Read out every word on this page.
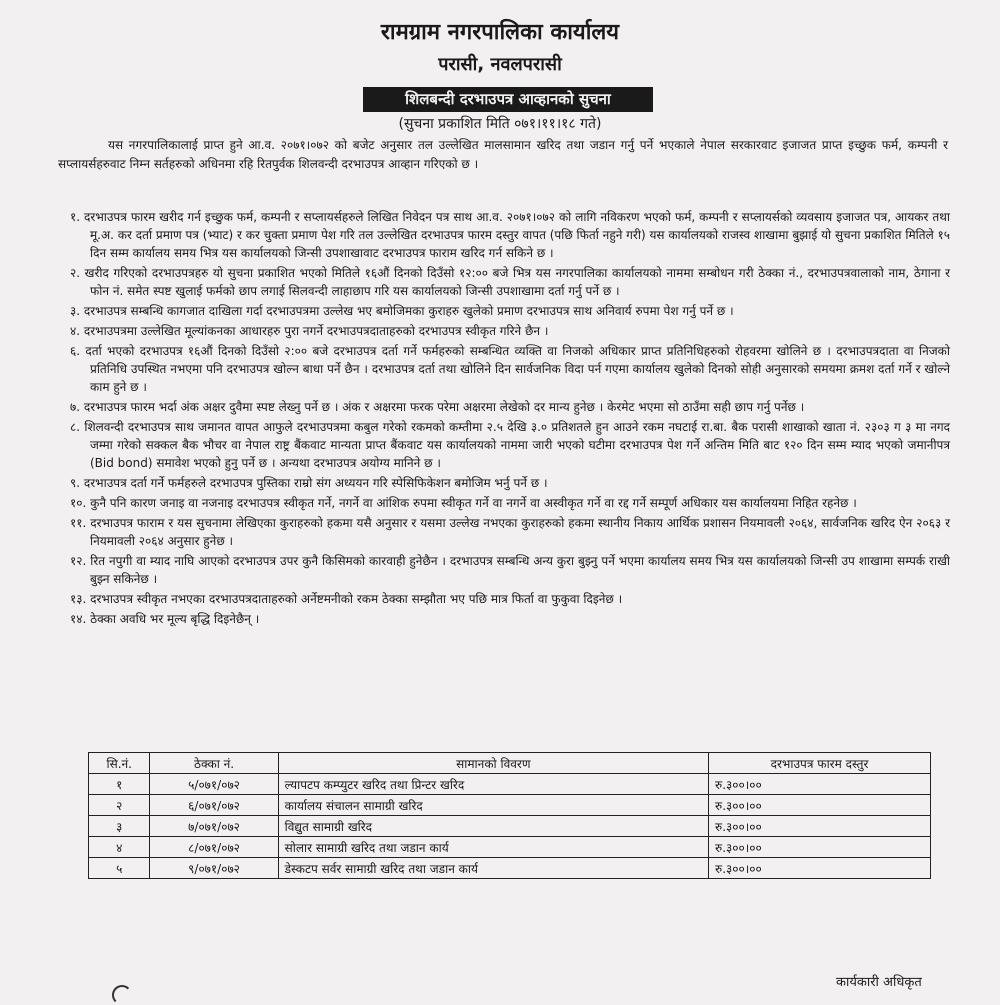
रामग्राम नगरपालिका कार्यालय
परासी, नवलपरासी
शिलबन्दी दरभाउपत्र आव्हानको सुचना
(सुचना प्रकाशित मिति ०७१।११।१८ गते)
यस नगरपालिकालाई प्राप्त हुने आ.व. २०७१।०७२ को बजेट अनुसार तल उल्लेखित मालसामान खरिद तथा जडान गर्नु पर्ने भएकाले नेपाल सरकारवाट इजाजत प्राप्त इच्छुक फर्म, कम्पनी र सप्लायर्सहरुवाट निम्न सर्तहरुको अधिनमा रहि रितपुर्वक शिलवन्दी दरभाउपत्र आव्हान गरिएको छ ।
१. दरभाउपत्र फारम खरीद गर्न इच्छुक फर्म, कम्पनी र सप्लायर्सहरुले लिखित निवेदन पत्र साथ आ.व. २०७१।०७२ को लागि नविकरण भएको फर्म, कम्पनी र सप्लायर्सको व्यवसाय इजाजत पत्र, आयकर तथा मू.अ. कर दर्ता प्रमाण पत्र (भ्याट) र कर चुक्ता प्रमाण पेश गरि तल उल्लेखित दरभाउपत्र फारम दस्तुर वापत (पछि फिर्ता नहुने गरी) यस कार्यालयको राजस्व शाखामा बुझाई यो सुचना प्रकाशित मितिले १५ दिन सम्म कार्यालय समय भित्र यस कार्यालयको जिन्सी उपशाखावाट दरभाउपत्र फाराम खरिद गर्न सकिने छ ।
२. खरीद गरिएको दरभाउपत्रहरु यो सुचना प्रकाशित भएको मितिले १६औं दिनको दिउँसो १२:०० बजे भित्र यस नगरपालिका कार्यालयको नाममा सम्बोधन गरी ठेक्का नं., दरभाउपत्रवालाको नाम, ठेगाना र फोन नं. समेत स्पष्ट खुलाई फर्मको छाप लगाई सिलवन्दी लाहाछाप गरि यस कार्यालयको जिन्सी उपशाखामा दर्ता गर्नु पर्ने छ ।
३. दरभाउपत्र सम्बन्धि कागजात दाखिला गर्दा दरभाउपत्रमा उल्लेख भए बमोजिमका कुराहरु खुलेको प्रमाण दरभाउपत्र साथ अनिवार्य रुपमा पेश गर्नु पर्ने छ ।
४. दरभाउपत्रमा उल्लेखित मूल्यांकनका आधारहरु पुरा नगर्ने दरभाउपत्रदाताहरुको दरभाउपत्र स्वीकृत गरिने छैन ।
६. दर्ता भएको दरभाउपत्र १६औं दिनको दिउँसो २:०० बजे दरभाउपत्र दर्ता गर्ने फर्महरुको सम्बन्धित व्यक्ति वा निजको अधिकार प्राप्त प्रतिनिधिहरुको रोहवरमा खोलिने छ । दरभाउपत्रदाता वा निजको प्रतिनिधि उपस्थित नभएमा पनि दरभाउपत्र खोल्न बाधा पर्ने छैन । दरभाउपत्र दर्ता तथा खोलिने दिन सार्वजनिक विदा पर्न गएमा कार्यालय खुलेको दिनको सोही अनुसारको समयमा क्रमश दर्ता गर्ने र खोल्ने काम हुने छ ।
७. दरभाउपत्र फारम भर्दा अंक अक्षर दुवैमा स्पष्ट लेख्नु पर्ने छ । अंक र अक्षरमा फरक परेमा अक्षरमा लेखेको दर मान्य हुनेछ । केरमेट भएमा सो ठाउँमा सही छाप गर्नु पर्नेछ ।
८. शिलवन्दी दरभाउपत्र साथ जमानत वापत आफुले दरभाउपत्रमा कबुल गरेको रकमको कम्तीमा २.५ देखि ३.० प्रतिशतले हुन आउने रकम नघटाई रा.बा. बैक परासी शाखाको खाता नं. २३०३ ग ३ मा नगद जम्मा गरेको सक्कल बैक भौचर वा नेपाल राष्ट्र बैंकवाट मान्यता प्राप्त बैंकवाट यस कार्यालयको नाममा जारी भएको घटीमा दरभाउपत्र पेश गर्ने अन्तिम मिति बाट १२० दिन सम्म म्याद भएको जमानीपत्र (Bid bond) समावेश भएको हुनु पर्ने छ । अन्यथा दरभाउपत्र अयोग्य मानिने छ ।
९. दरभाउपत्र दर्ता गर्ने फर्महरुले दरभाउपत्र पुस्तिका राम्रो संग अध्ययन गरि स्पेसिफिकेशन बमोजिम भर्नु पर्ने छ ।
१०. कुनै पनि कारण जनाइ वा नजनाइ दरभाउपत्र स्वीकृत गर्ने, नगर्ने वा आंशिक रुपमा स्वीकृत गर्ने वा नगर्ने वा अस्वीकृत गर्ने वा रद्द गर्ने सम्पूर्ण अधिकार यस कार्यालयमा निहित रहनेछ ।
११. दरभाउपत्र फाराम र यस सुचनामा लेखिएका कुराहरुको हकमा यसै अनुसार र यसमा उल्लेख नभएका कुराहरुको हकमा स्थानीय निकाय आर्थिक प्रशासन नियमावली २०६४, सार्वजनिक खरिद ऐन २०६३ र नियमावली २०६४ अनुसार हुनेछ ।
१२. रित नपुगी वा म्याद नाघि आएको दरभाउपत्र उपर कुनै किसिमको कारवाही हुनेछैन । दरभाउपत्र सम्बन्धि अन्य कुरा बुझ्नु पर्ने भएमा कार्यालय समय भित्र यस कार्यालयको जिन्सी उप शाखामा सम्पर्क राखी बुझ्न सकिनेछ ।
१३. दरभाउपत्र स्वीकृत नभएका दरभाउपत्रदाताहरुको अर्नेष्टमनीको रकम ठेक्का सम्झौता भए पछि मात्र फिर्ता वा फुकुवा दिइनेछ ।
१४. ठेक्का अवधि भर मूल्य बृद्धि दिइनेछैन् ।
सि.नं.	ठेक्का नं.	सामानको विवरण	दरभाउपत्र फारम दस्तुर
१	५/०७१/०७२	ल्यापटप कम्प्युटर खरिद तथा प्रिन्टर खरिद	रु.३००।००
२	६/०७१/०७२	कार्यालय संचालन सामाग्री खरिद	रु.३००।००
३	७/०७१/०७२	विद्युत सामाग्री खरिद	रु.३००।००
४	८/०७१/०७२	सोलार सामाग्री खरिद तथा जडान कार्य	रु.३००।००
५	९/०७१/०७२	डेस्कटप सर्वर सामाग्री खरिद तथा जडान कार्य	रु.३००।००
कार्यकारी अधिकृत
